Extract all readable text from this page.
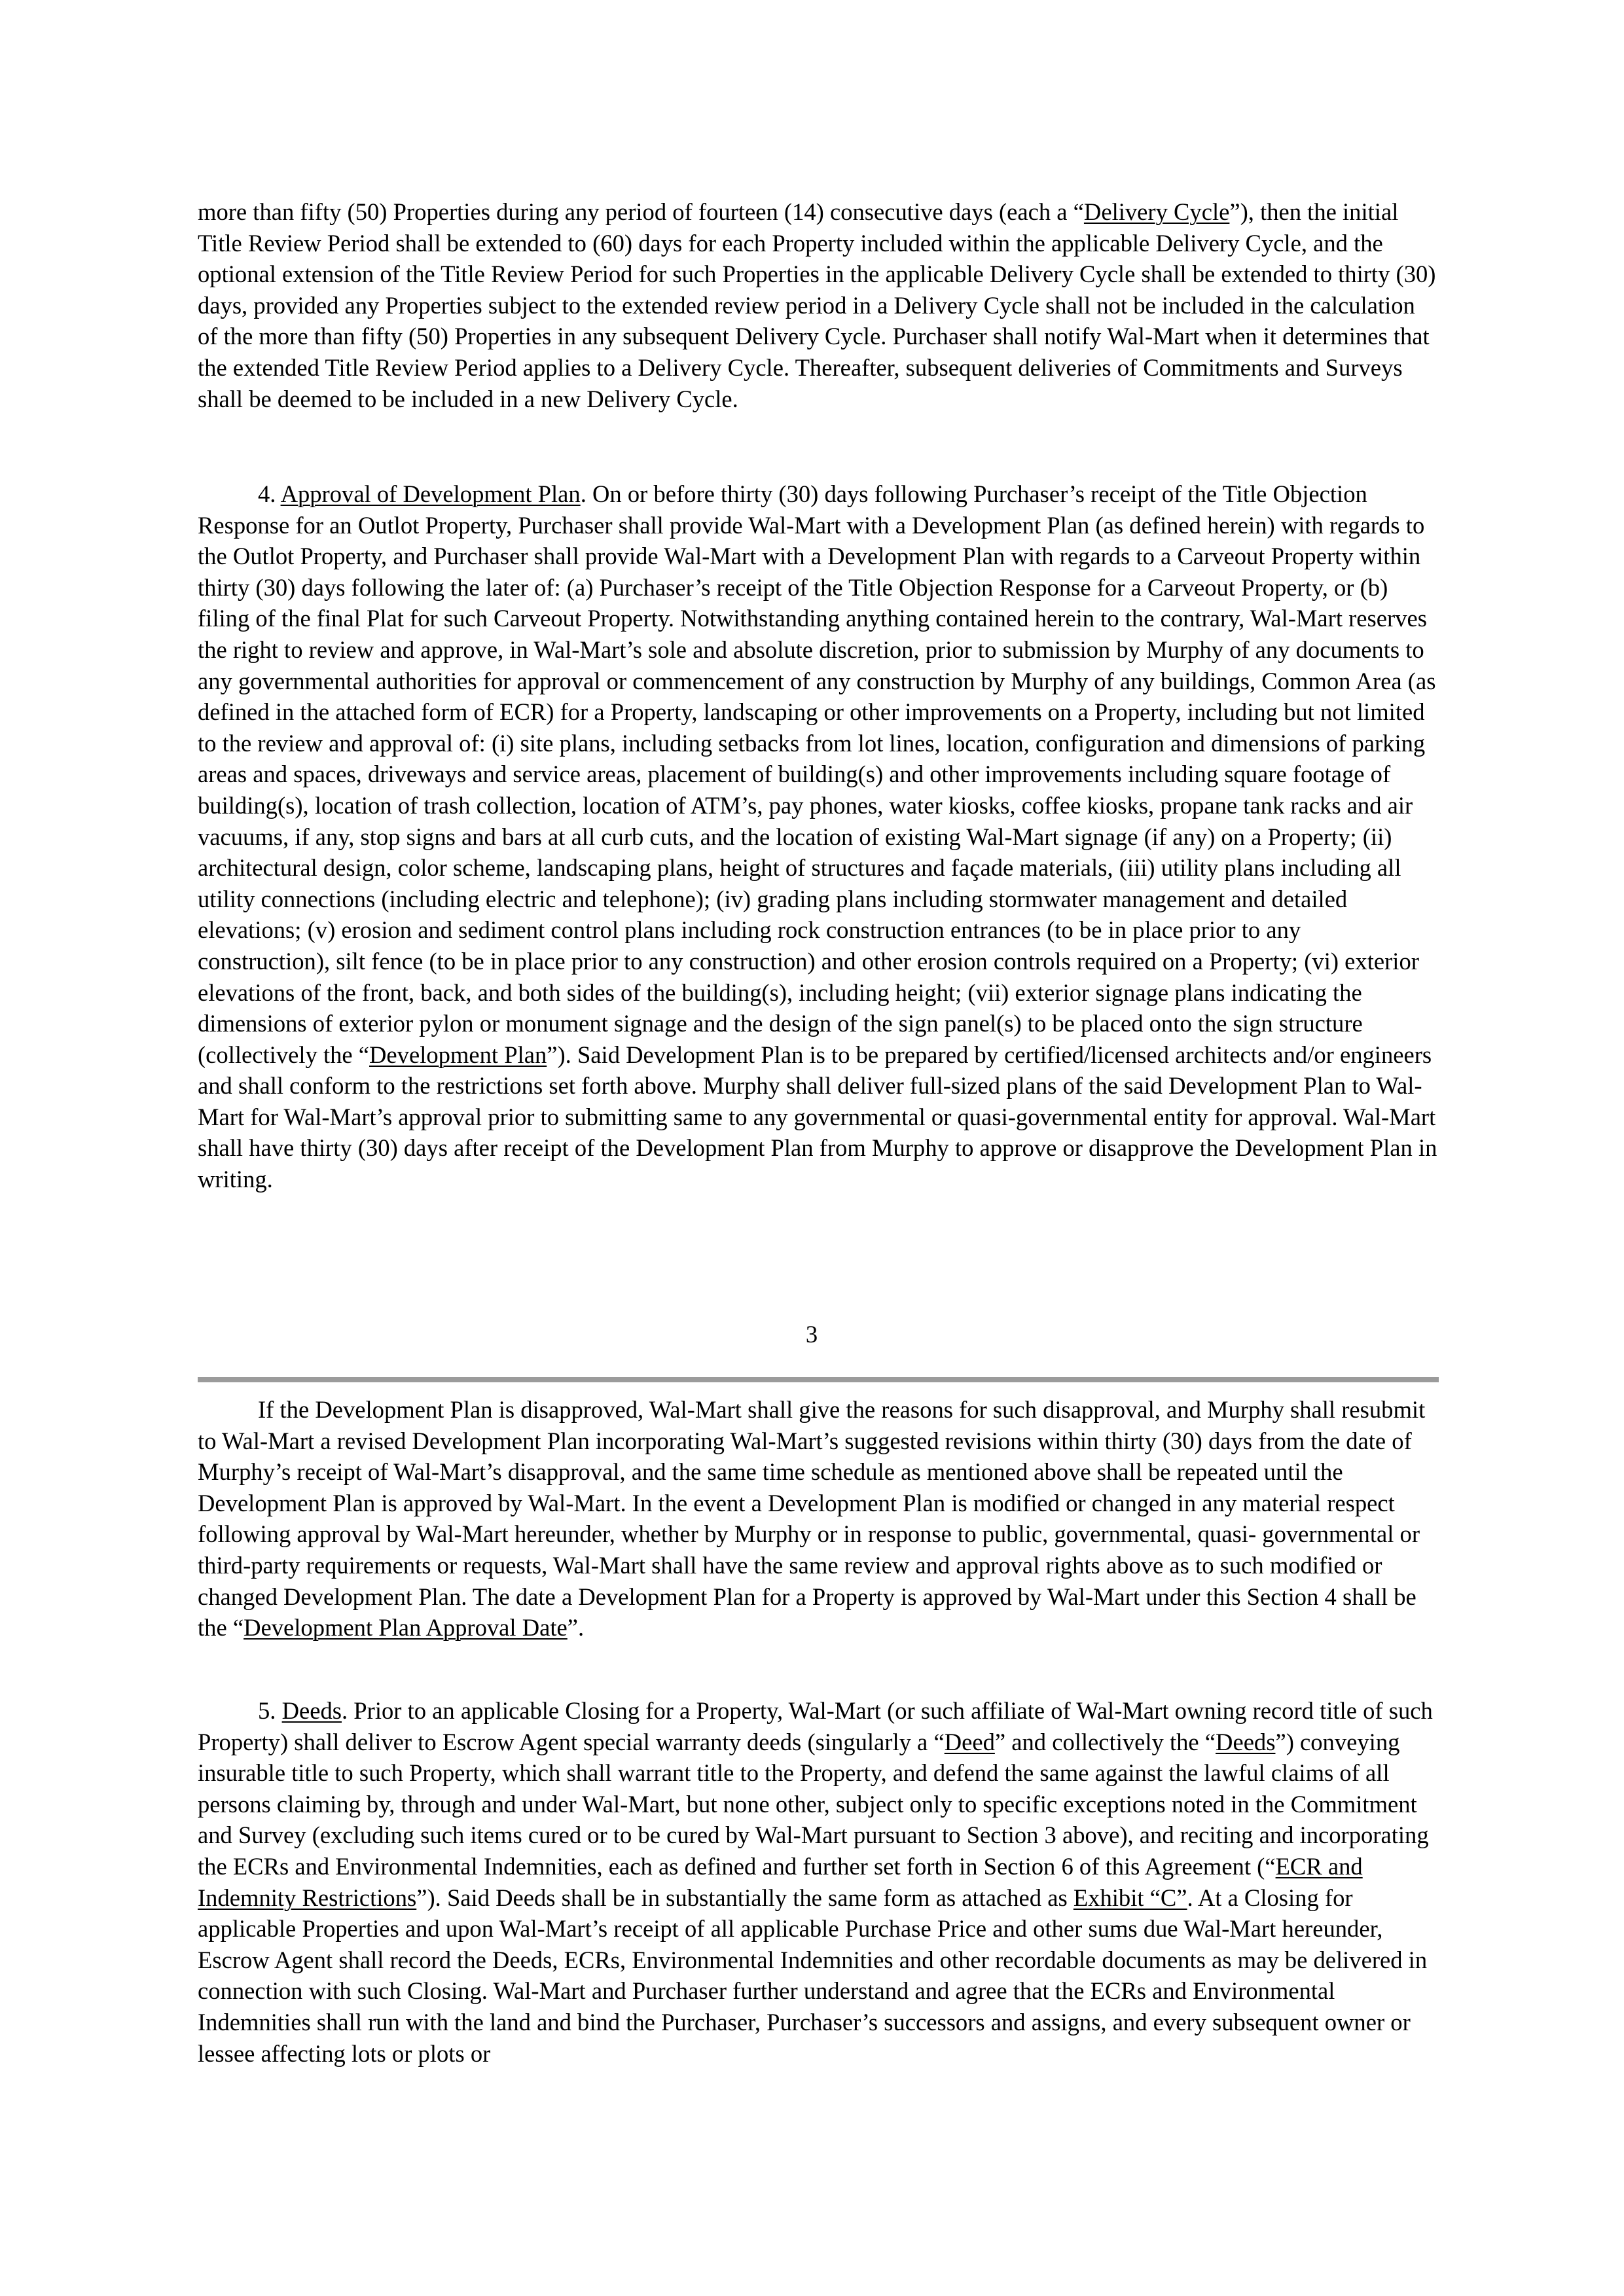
more than fifty (50) Properties during any period of fourteen (14) consecutive days (each a “Delivery Cycle”), then the initial Title Review Period shall be extended to (60) days for each Property included within the applicable Delivery Cycle, and the optional extension of the Title Review Period for such Properties in the applicable Delivery Cycle shall be extended to thirty (30) days, provided any Properties subject to the extended review period in a Delivery Cycle shall not be included in the calculation of the more than fifty (50) Properties in any subsequent Delivery Cycle. Purchaser shall notify Wal-Mart when it determines that the extended Title Review Period applies to a Delivery Cycle. Thereafter, subsequent deliveries of Commitments and Surveys shall be deemed to be included in a new Delivery Cycle.

4. Approval of Development Plan. On or before thirty (30) days following Purchaser’s receipt of the Title Objection Response for an Outlot Property, Purchaser shall provide Wal-Mart with a Development Plan (as defined herein) with regards to the Outlot Property, and Purchaser shall provide Wal-Mart with a Development Plan with regards to a Carveout Property within thirty (30) days following the later of: (a) Purchaser’s receipt of the Title Objection Response for a Carveout Property, or (b) filing of the final Plat for such Carveout Property. Notwithstanding anything contained herein to the contrary, Wal-Mart reserves the right to review and approve, in Wal-Mart’s sole and absolute discretion, prior to submission by Murphy of any documents to any governmental authorities for approval or commencement of any construction by Murphy of any buildings, Common Area (as defined in the attached form of ECR) for a Property, landscaping or other improvements on a Property, including but not limited to the review and approval of: (i) site plans, including setbacks from lot lines, location, configuration and dimensions of parking areas and spaces, driveways and service areas, placement of building(s) and other improvements including square footage of building(s), location of trash collection, location of ATM’s, pay phones, water kiosks, coffee kiosks, propane tank racks and air vacuums, if any, stop signs and bars at all curb cuts, and the location of existing Wal-Mart signage (if any) on a Property; (ii) architectural design, color scheme, landscaping plans, height of structures and façade materials, (iii) utility plans including all utility connections (including electric and telephone); (iv) grading plans including stormwater management and detailed elevations; (v) erosion and sediment control plans including rock construction entrances (to be in place prior to any construction), silt fence (to be in place prior to any construction) and other erosion controls required on a Property; (vi) exterior elevations of the front, back, and both sides of the building(s), including height; (vii) exterior signage plans indicating the dimensions of exterior pylon or monument signage and the design of the sign panel(s) to be placed onto the sign structure (collectively the “Development Plan”). Said Development Plan is to be prepared by certified/licensed architects and/or engineers and shall conform to the restrictions set forth above. Murphy shall deliver full-sized plans of the said Development Plan to Wal-Mart for Wal-Mart’s approval prior to submitting same to any governmental or quasi-governmental entity for approval. Wal-Mart shall have thirty (30) days after receipt of the Development Plan from Murphy to approve or disapprove the Development Plan in writing.

3

If the Development Plan is disapproved, Wal-Mart shall give the reasons for such disapproval, and Murphy shall resubmit to Wal-Mart a revised Development Plan incorporating Wal-Mart’s suggested revisions within thirty (30) days from the date of Murphy’s receipt of Wal-Mart’s disapproval, and the same time schedule as mentioned above shall be repeated until the Development Plan is approved by Wal-Mart. In the event a Development Plan is modified or changed in any material respect following approval by Wal-Mart hereunder, whether by Murphy or in response to public, governmental, quasi- governmental or third-party requirements or requests, Wal-Mart shall have the same review and approval rights above as to such modified or changed Development Plan. The date a Development Plan for a Property is approved by Wal-Mart under this Section 4 shall be the “Development Plan Approval Date”.

5. Deeds. Prior to an applicable Closing for a Property, Wal-Mart (or such affiliate of Wal-Mart owning record title of such Property) shall deliver to Escrow Agent special warranty deeds (singularly a “Deed” and collectively the “Deeds”) conveying insurable title to such Property, which shall warrant title to the Property, and defend the same against the lawful claims of all persons claiming by, through and under Wal-Mart, but none other, subject only to specific exceptions noted in the Commitment and Survey (excluding such items cured or to be cured by Wal-Mart pursuant to Section 3 above), and reciting and incorporating the ECRs and Environmental Indemnities, each as defined and further set forth in Section 6 of this Agreement (“ECR and Indemnity Restrictions”). Said Deeds shall be in substantially the same form as attached as Exhibit “C”. At a Closing for applicable Properties and upon Wal-Mart’s receipt of all applicable Purchase Price and other sums due Wal-Mart hereunder, Escrow Agent shall record the Deeds, ECRs, Environmental Indemnities and other recordable documents as may be delivered in connection with such Closing. Wal-Mart and Purchaser further understand and agree that the ECRs and Environmental Indemnities shall run with the land and bind the Purchaser, Purchaser’s successors and assigns, and every subsequent owner or lessee affecting lots or plots or
